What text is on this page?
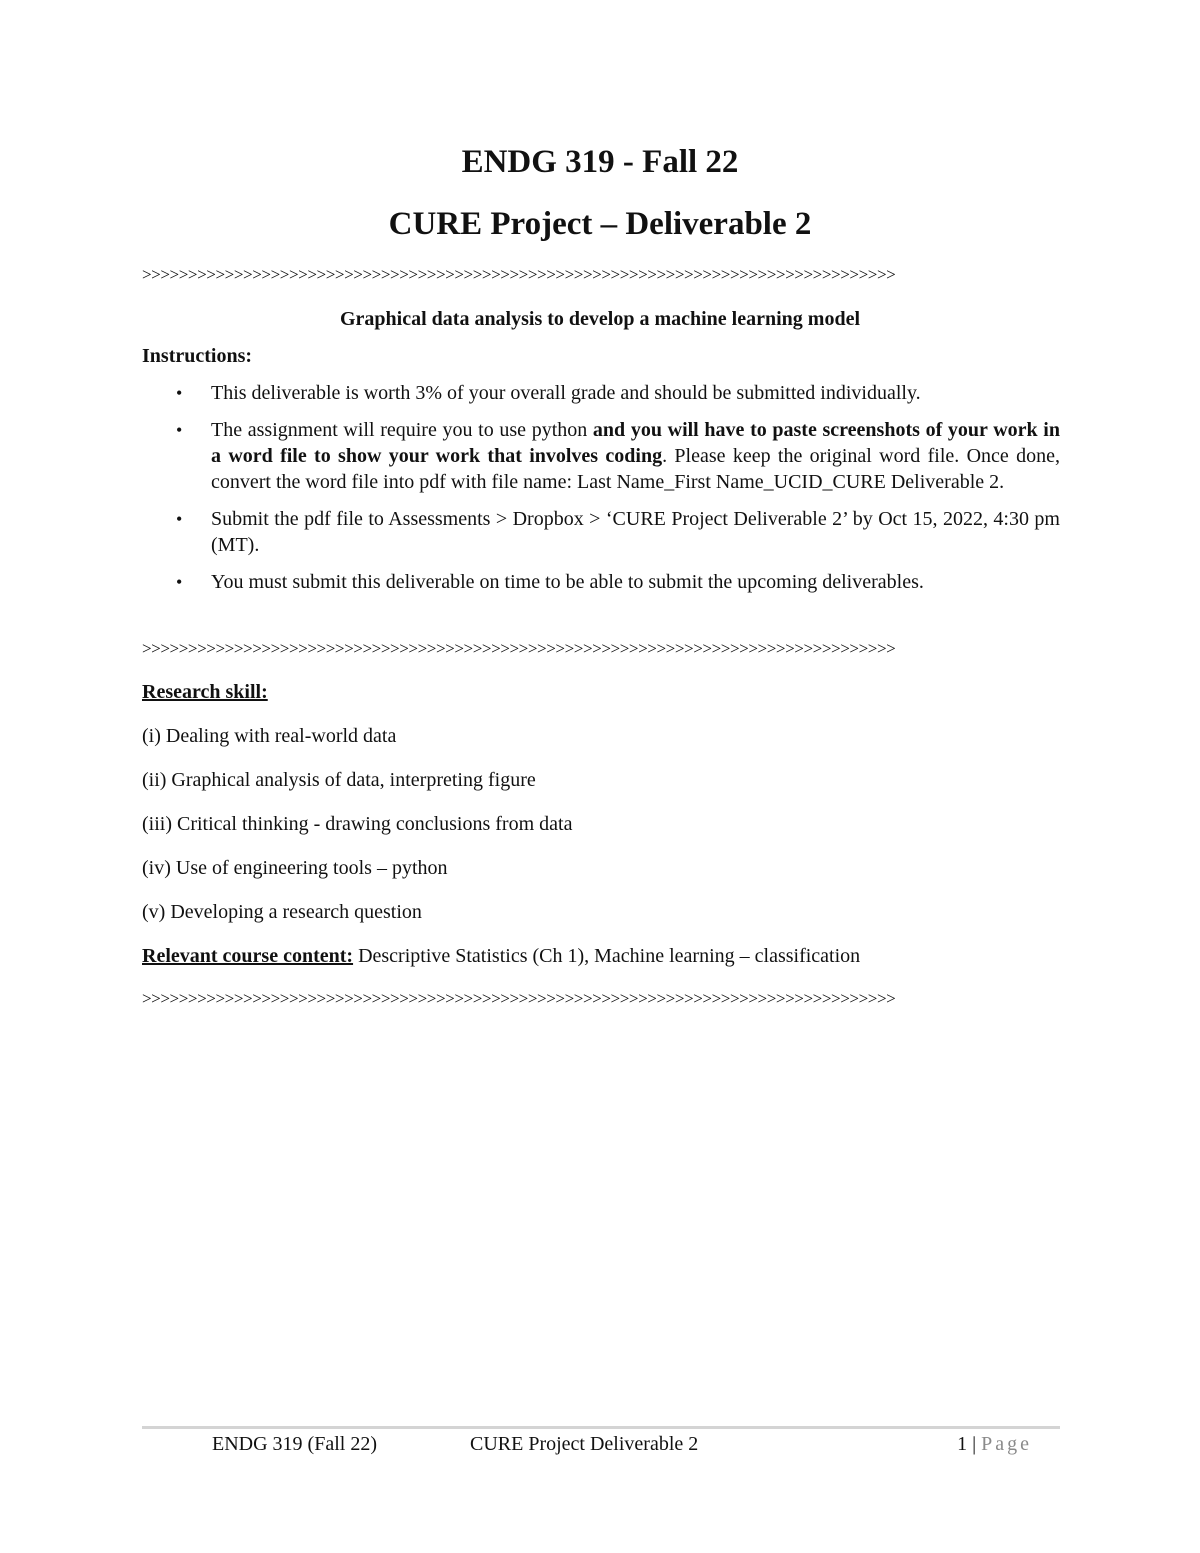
ENDG 319 - Fall 22
CURE Project – Deliverable 2
>>>>>>>>>>>>>>>>>>>>>>>>>>>>>>>>>>>>>>>>>>>>>>>>>>>>>>>>>>>>>>>>>>>>>>>>>>>>>>>>>>
Graphical data analysis to develop a machine learning model
Instructions:
• This deliverable is worth 3% of your overall grade and should be submitted individually.
• The assignment will require you to use python and you will have to paste screenshots of your work in a word file to show your work that involves coding. Please keep the original word file. Once done, convert the word file into pdf with file name: Last Name_First Name_UCID_CURE Deliverable 2.
• Submit the pdf file to Assessments > Dropbox > ‘CURE Project Deliverable 2’ by Oct 15, 2022, 4:30 pm (MT).
• You must submit this deliverable on time to be able to submit the upcoming deliverables.
>>>>>>>>>>>>>>>>>>>>>>>>>>>>>>>>>>>>>>>>>>>>>>>>>>>>>>>>>>>>>>>>>>>>>>>>>>>>>>>>>>
Research skill:
(i) Dealing with real-world data
(ii) Graphical analysis of data, interpreting figure
(iii) Critical thinking - drawing conclusions from data
(iv) Use of engineering tools – python
(v) Developing a research question
Relevant course content: Descriptive Statistics (Ch 1), Machine learning – classification
>>>>>>>>>>>>>>>>>>>>>>>>>>>>>>>>>>>>>>>>>>>>>>>>>>>>>>>>>>>>>>>>>>>>>>>>>>>>>>>>>>
ENDG 319 (Fall 22)	CURE Project Deliverable 2	1 | Page
